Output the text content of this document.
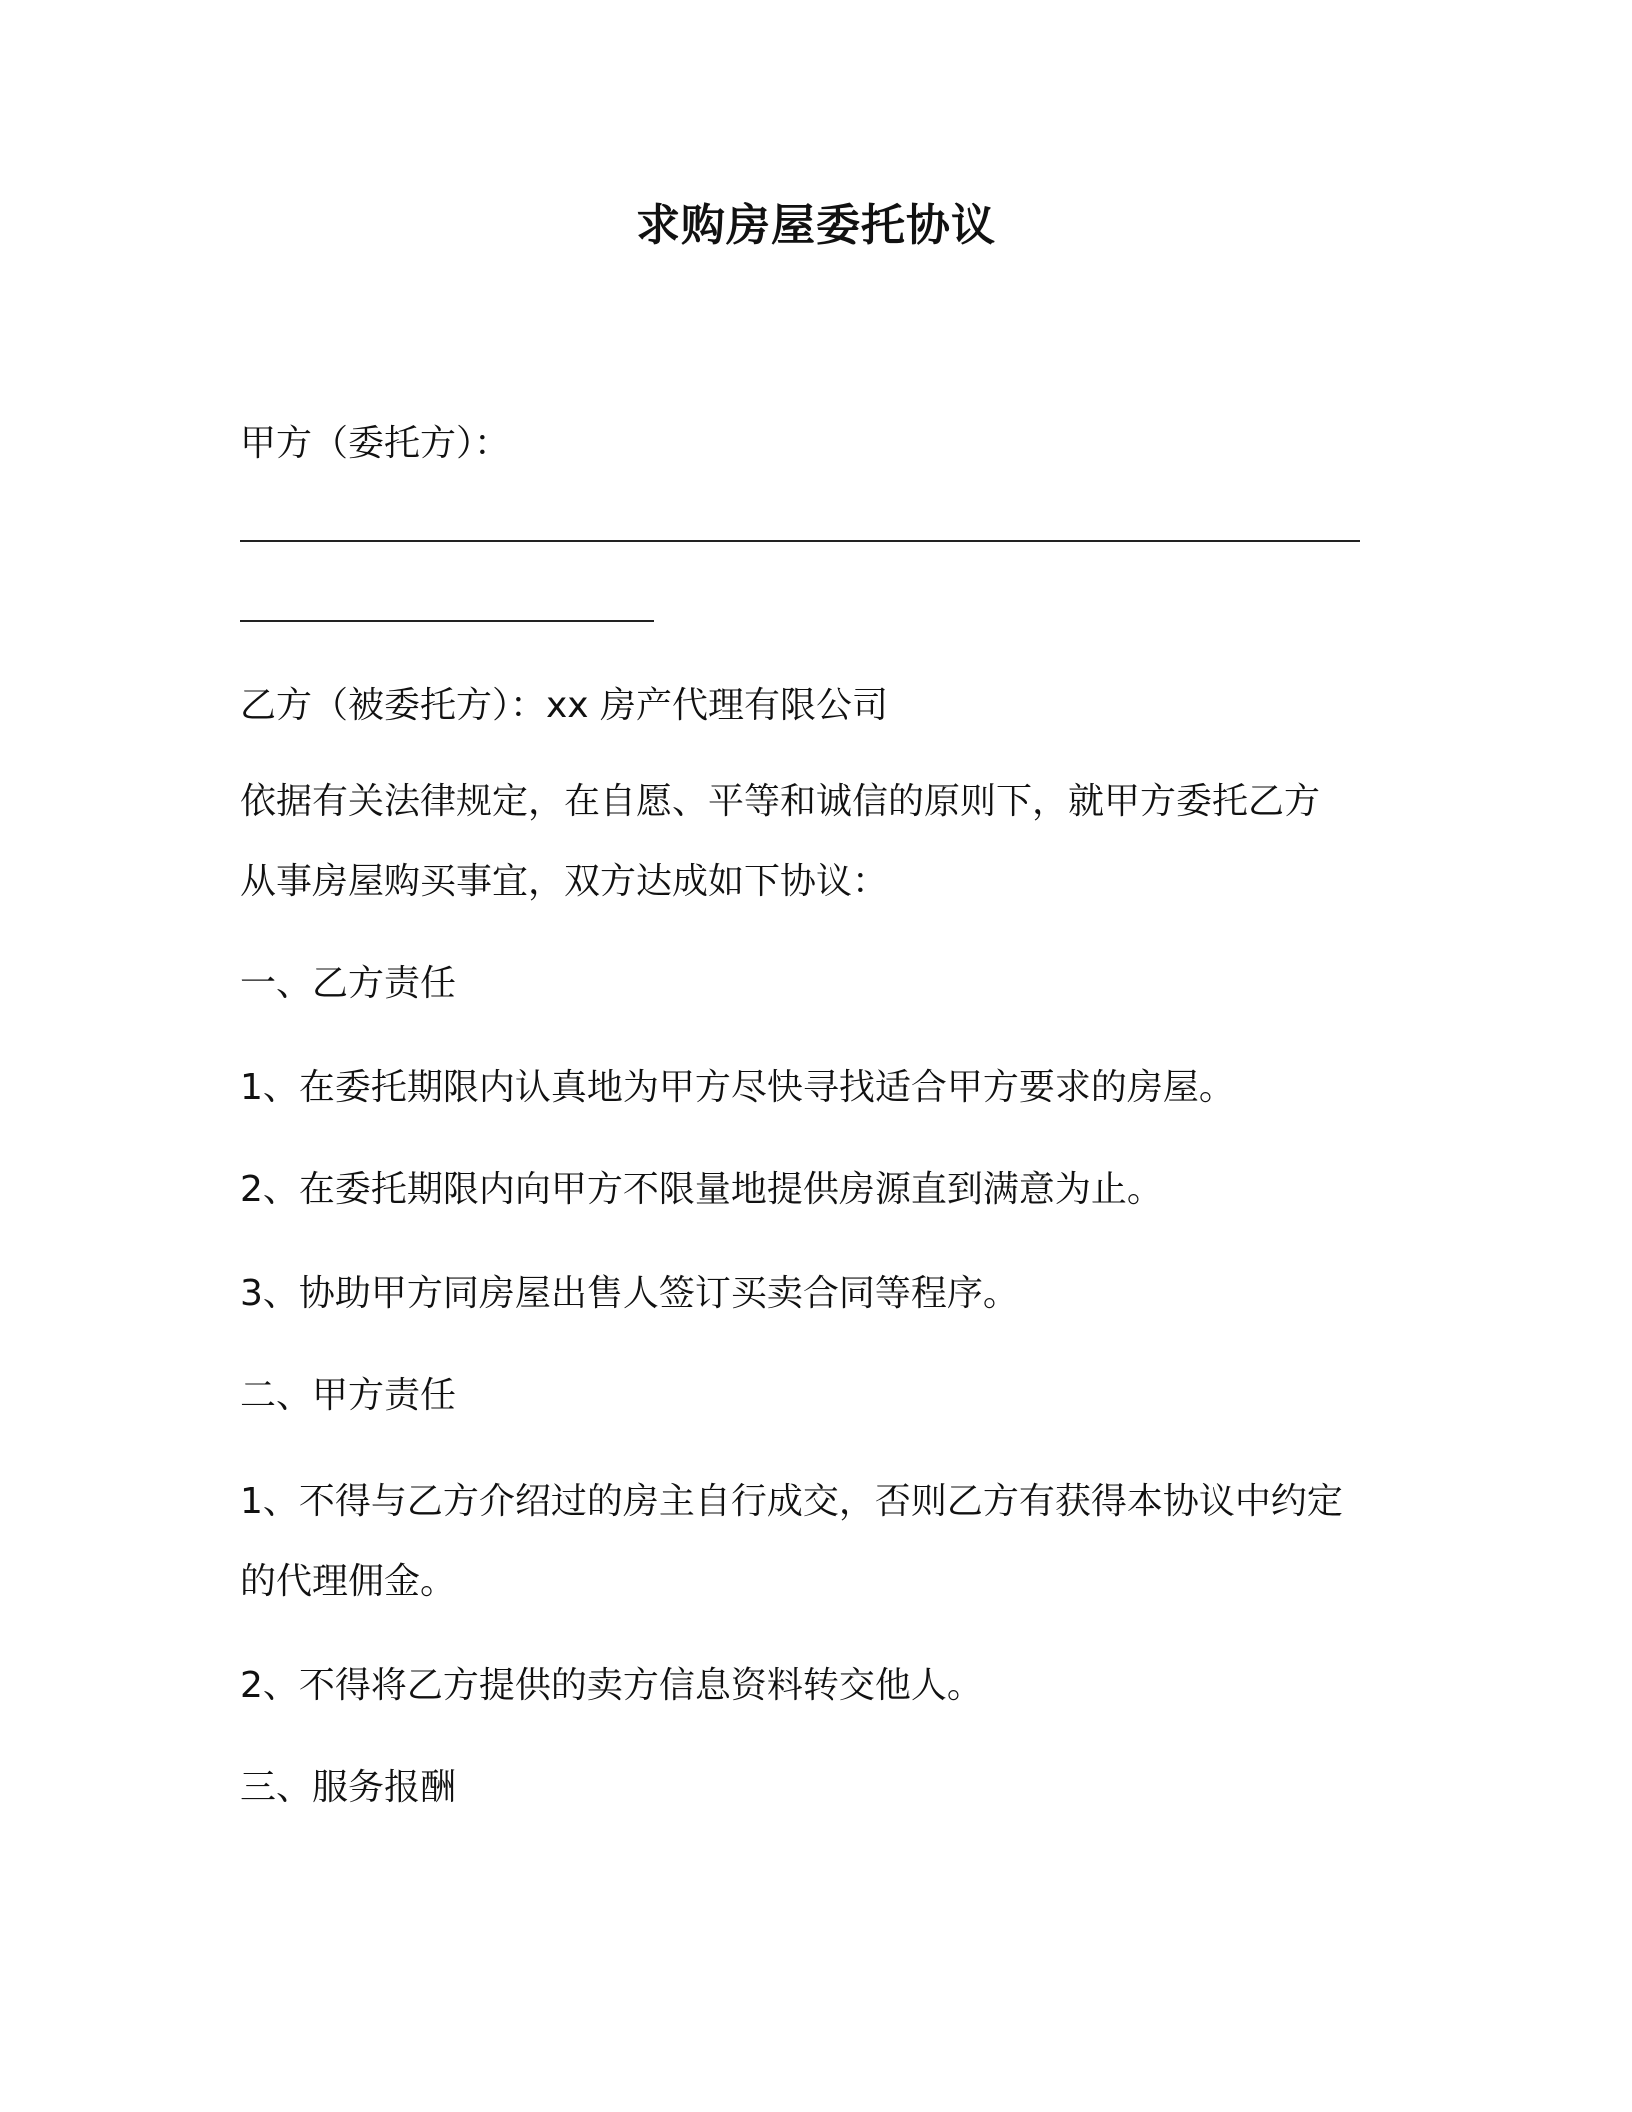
求购房屋委托协议

甲方（委托方）：

乙方（被委托方）：xx 房产代理有限公司

依据有关法律规定，在自愿、平等和诚信的原则下，就甲方委托乙方

从事房屋购买事宜，双方达成如下协议：

一、乙方责任

1、在委托期限内认真地为甲方尽快寻找适合甲方要求的房屋。

2、在委托期限内向甲方不限量地提供房源直到满意为止。

3、协助甲方同房屋出售人签订买卖合同等程序。

二、甲方责任

1、不得与乙方介绍过的房主自行成交，否则乙方有获得本协议中约定

的代理佣金。

2、不得将乙方提供的卖方信息资料转交他人。

三、服务报酬
